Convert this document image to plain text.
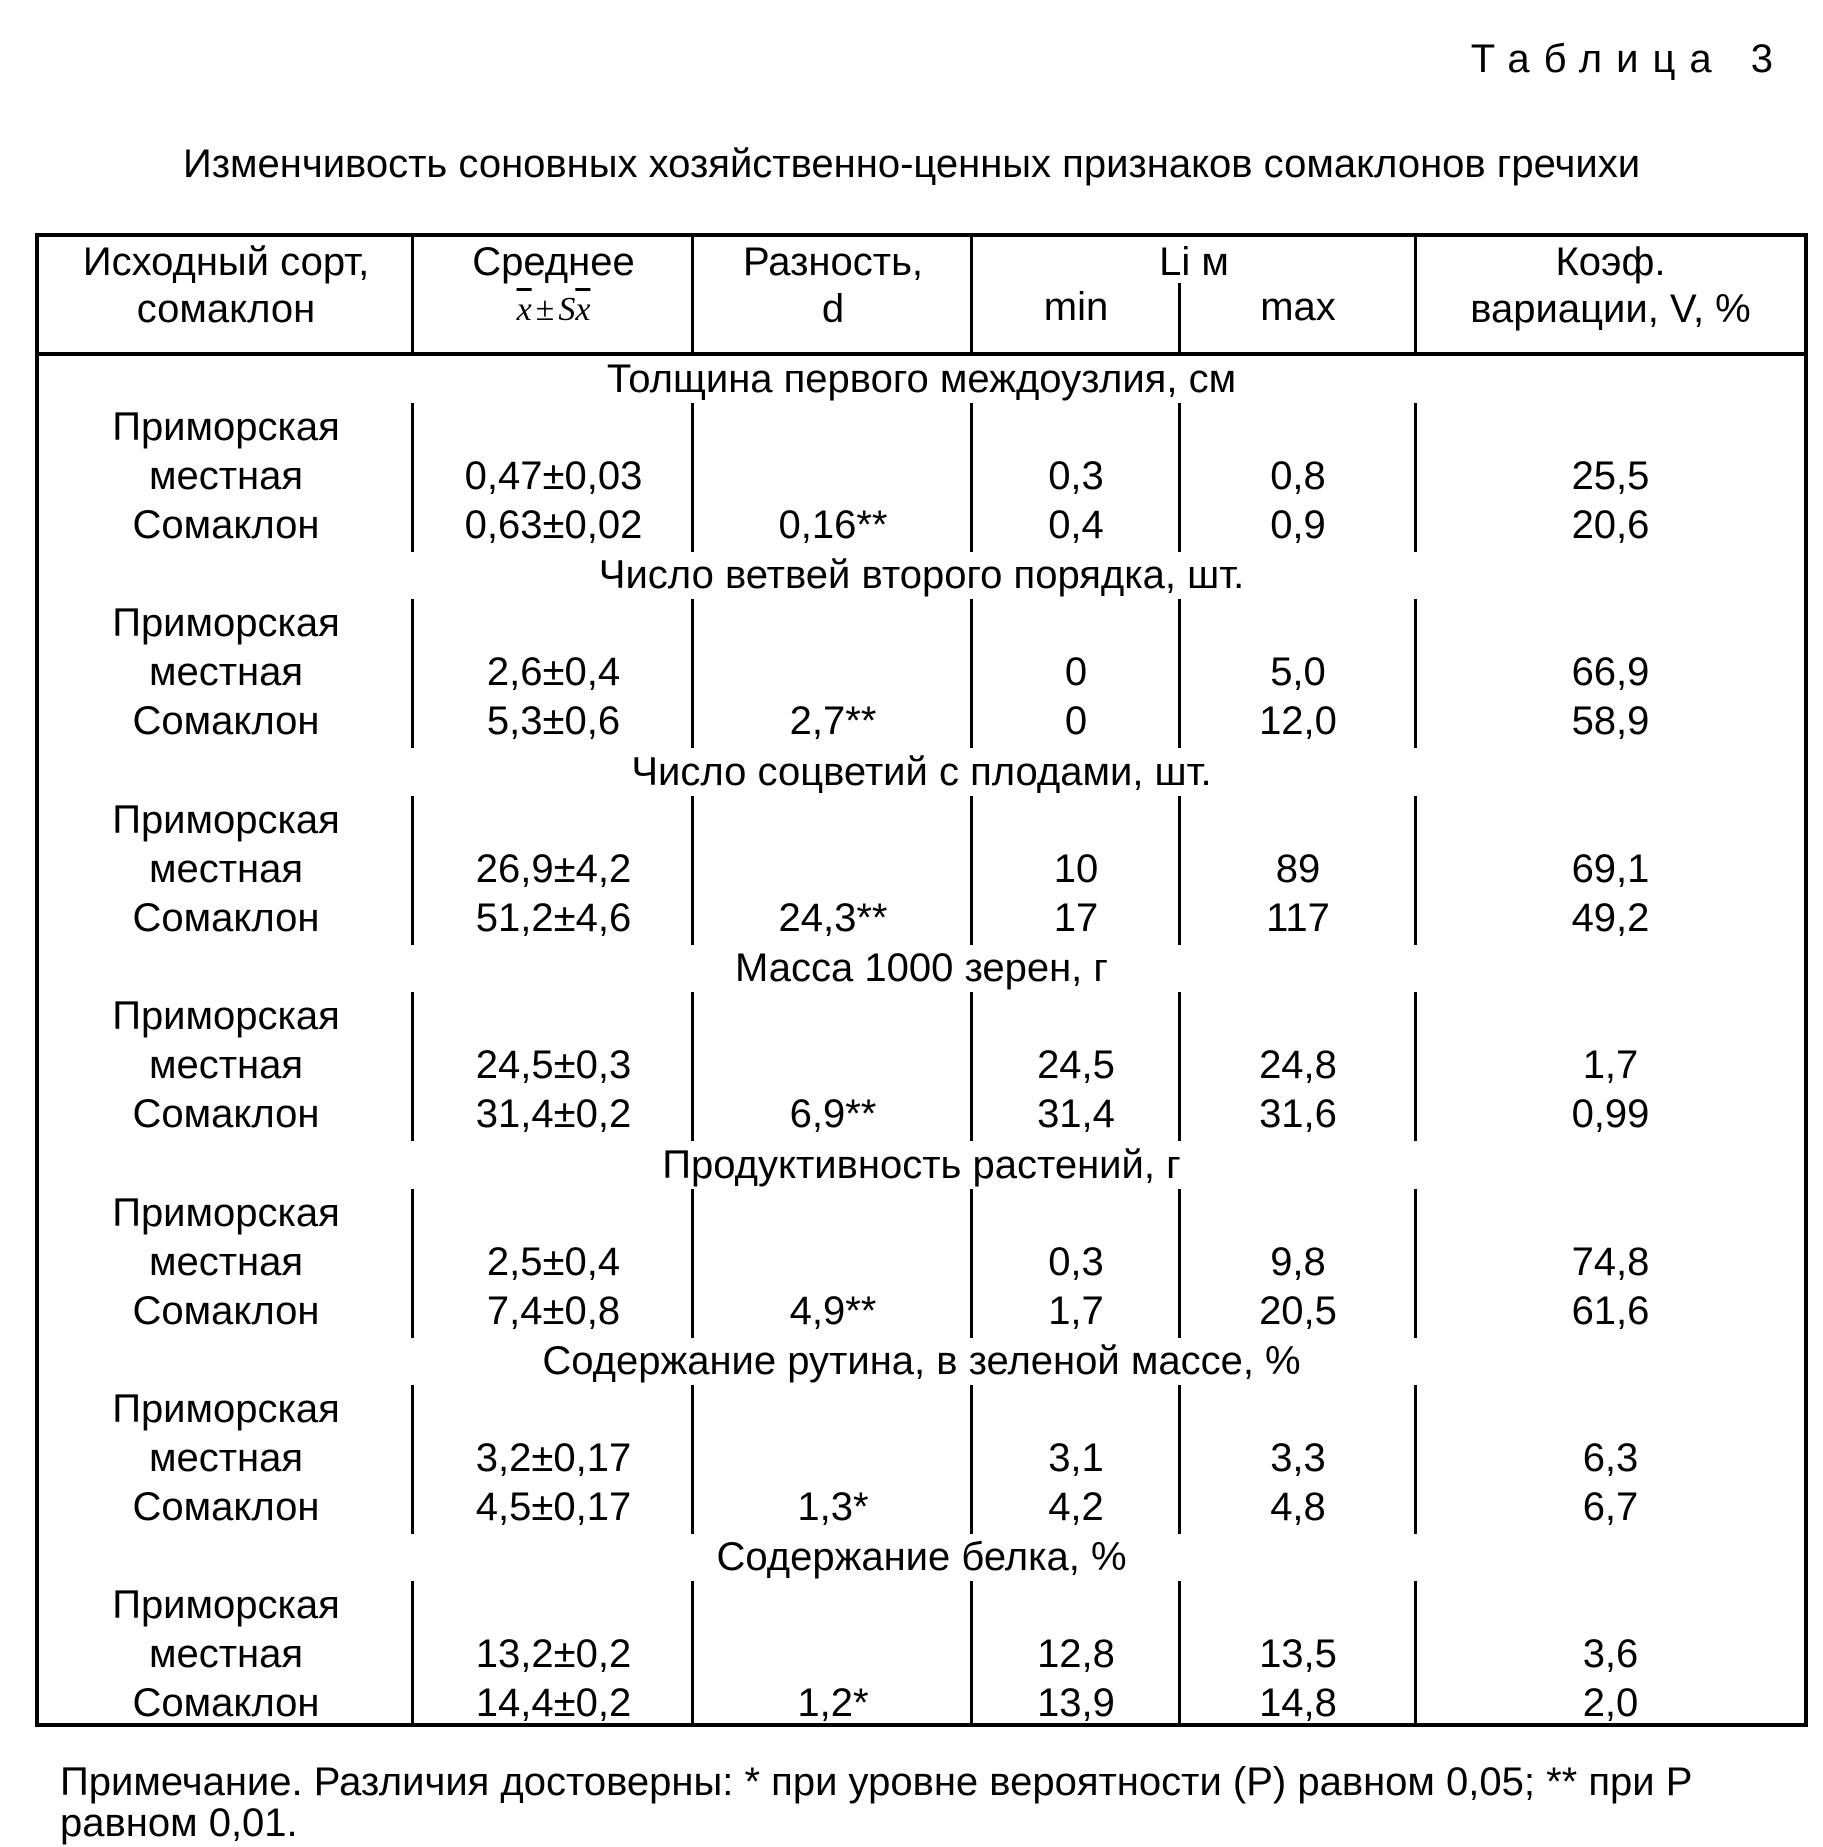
Таблица 3
Изменчивость соновных хозяйственно-ценных признаков сомаклонов гречихи
Исходный сорт,
сомаклон
Среднее
x ± Sx
Разность,
d
Li м
min	max
Коэф.
вариации, V, %
Толщина первого междоузлия, см
Приморская
местная	0,47±0,03	0,3	0,8	25,5
Сомаклон	0,63±0,02	0,16**	0,4	0,9	20,6
Число ветвей второго порядка, шт.
Приморская
местная	2,6±0,4	0	5,0	66,9
Сомаклон	5,3±0,6	2,7**	0	12,0	58,9
Число соцветий с плодами, шт.
Приморская
местная	26,9±4,2	10	89	69,1
Сомаклон	51,2±4,6	24,3**	17	117	49,2
Масса 1000 зерен, г
Приморская
местная	24,5±0,3	24,5	24,8	1,7
Сомаклон	31,4±0,2	6,9**	31,4	31,6	0,99
Продуктивность растений, г
Приморская
местная	2,5±0,4	0,3	9,8	74,8
Сомаклон	7,4±0,8	4,9**	1,7	20,5	61,6
Содержание рутина, в зеленой массе, %
Приморская
местная	3,2±0,17	3,1	3,3	6,3
Сомаклон	4,5±0,17	1,3*	4,2	4,8	6,7
Содержание белка, %
Приморская
местная	13,2±0,2	12,8	13,5	3,6
Сомаклон	14,4±0,2	1,2*	13,9	14,8	2,0
Примечание. Различия достоверны: * при уровне вероятности (Р) равном 0,05; ** при Р
равном 0,01.
